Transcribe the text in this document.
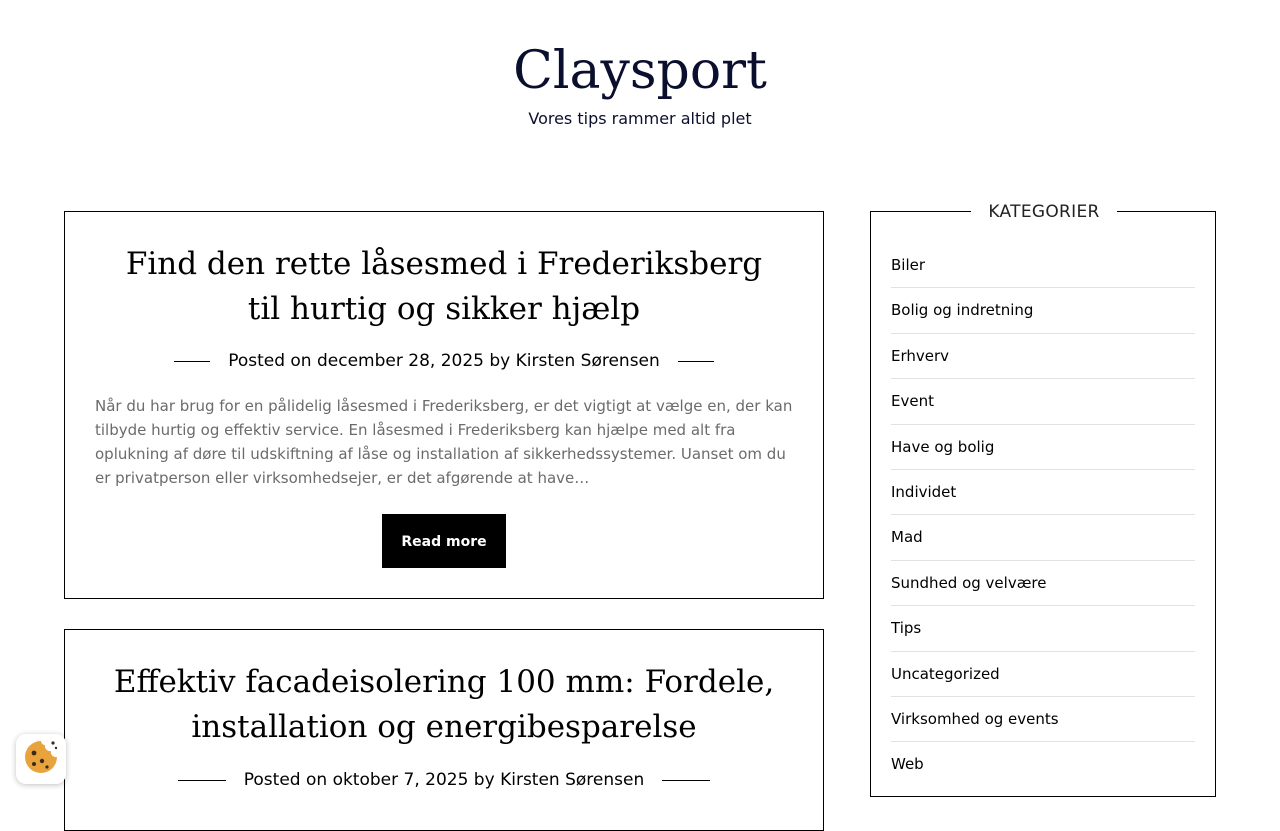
Claysport
Vores tips rammer altid plet
Find den rette låsesmed i Frederiksberg til hurtig og sikker hjælp
Posted on december 28, 2025 by Kirsten Sørensen

Når du har brug for en pålidelig låsesmed i Frederiksberg, er det vigtigt at vælge en, der kan tilbyde hurtig og effektiv service. En låsesmed i Frederiksberg kan hjælpe med alt fra oplukning af døre til udskiftning af låse og installation af sikkerhedssystemer. Uanset om du er privatperson eller virksomhedsejer, er det afgørende at have…

Read more
Effektiv facadeisolering 100 mm: Fordele, installation og energibesparelse
Posted on oktober 7, 2025 by Kirsten Sørensen
KATEGORIER
Biler
Bolig og indretning
Erhverv
Event
Have og bolig
Individet
Mad
Sundhed og velvære
Tips
Uncategorized
Virksomhed og events
Web
